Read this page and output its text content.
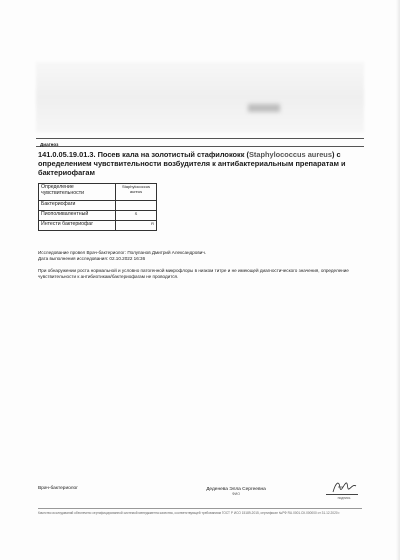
Диагноз
141.0.05.19.01.3. Посев кала на золотистый стафилококк (Staphylococcus aureus) с определением чувствительности возбудителя к антибактериальным препаратам и бактериофагам
Определение чувствительности	Staphylococcus aureus
Бактериофаги	
Пиополивалентный	S
Интести бактериофаг	R
Исследование провел Врач-бактериолог: Полупанов Дмитрий Александрович.
Дата выполнения исследования: 02.10.2022 16:36
При обнаружении роста нормальной и условно патогенной микрофлоры в низком титре и не имеющей диагностического значения, определение чувствительности к антибиотикам/бактериофагам не проводится.
Врач-бактериолог	Деденева Элла Сергеевна
ФИО
подпись
Качество исследований обеспечено сертифицированной системой менеджмента качества, соответствующей требованиям ГОСТ Р ИСО 15189-2015, сертификат №РФ RU.0001.СК.000000 от 31.12.2020 г.
